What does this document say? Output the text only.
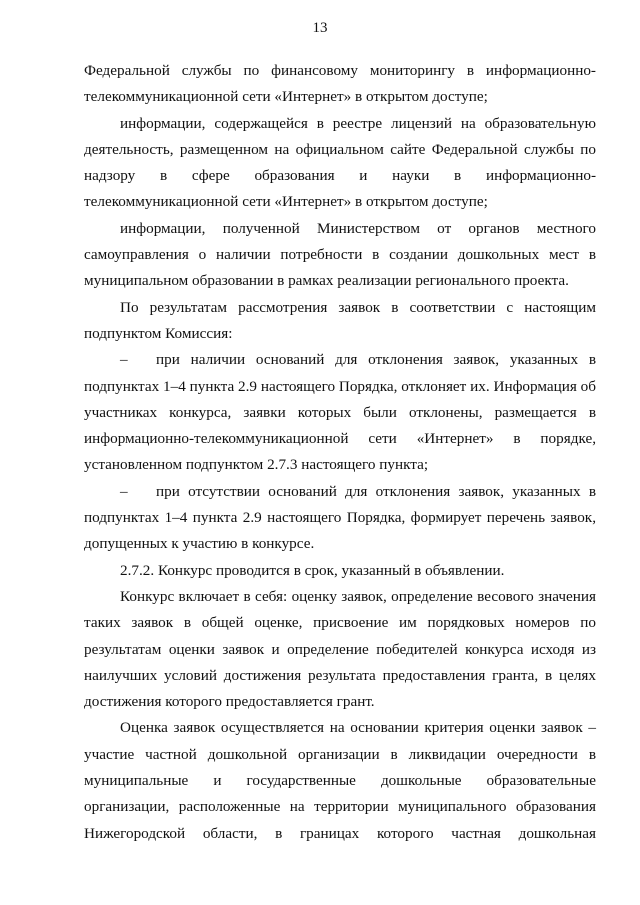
13

Федеральной службы по финансовому мониторингу в информационно-телекоммуникационной сети «Интернет» в открытом доступе;

информации, содержащейся в реестре лицензий на образовательную деятельность, размещенном на официальном сайте Федеральной службы по надзору в сфере образования и науки в информационно-телекоммуникационной сети «Интернет» в открытом доступе;

информации, полученной Министерством от органов местного самоуправления о наличии потребности в создании дошкольных мест в муниципальном образовании в рамках реализации регионального проекта.

По результатам рассмотрения заявок в соответствии с настоящим подпунктом Комиссия:

– при наличии оснований для отклонения заявок, указанных в подпунктах 1–4 пункта 2.9 настоящего Порядка, отклоняет их. Информация об участниках конкурса, заявки которых были отклонены, размещается в информационно-телекоммуникационной сети «Интернет» в порядке, установленном подпунктом 2.7.3 настоящего пункта;

– при отсутствии оснований для отклонения заявок, указанных в подпунктах 1–4 пункта 2.9 настоящего Порядка, формирует перечень заявок, допущенных к участию в конкурсе.

2.7.2. Конкурс проводится в срок, указанный в объявлении.

Конкурс включает в себя: оценку заявок, определение весового значения таких заявок в общей оценке, присвоение им порядковых номеров по результатам оценки заявок и определение победителей конкурса исходя из наилучших условий достижения результата предоставления гранта, в целях достижения которого предоставляется грант.

Оценка заявок осуществляется на основании критерия оценки заявок – участие частной дошкольной организации в ликвидации очередности в муниципальные и государственные дошкольные образовательные организации, расположенные на территории муниципального образования Нижегородской области, в границах которого частная дошкольная
